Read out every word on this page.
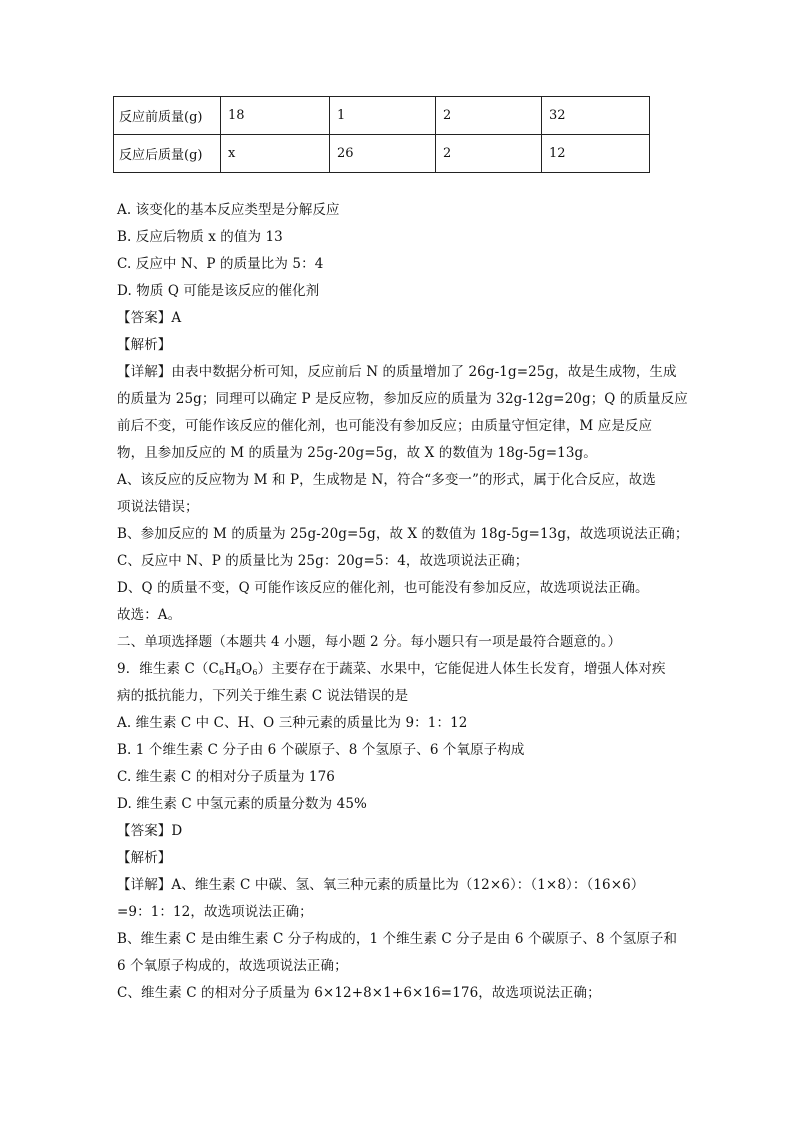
反应前质量(g)	18	1	2	32
反应后质量(g)	x	26	2	12
A. 该变化的基本反应类型是分解反应
B. 反应后物质 x 的值为 13
C. 反应中 N、P 的质量比为 5：4
D. 物质 Q 可能是该反应的催化剂
【答案】A
【解析】
【详解】由表中数据分析可知，反应前后 N 的质量增加了 26g-1g=25g，故是生成物，生成
的质量为 25g；同理可以确定 P 是反应物，参加反应的质量为 32g-12g=20g；Q 的质量反应
前后不变，可能作该反应的催化剂，也可能没有参加反应；由质量守恒定律，M 应是反应
物，且参加反应的 M 的质量为 25g-20g=5g，故 X 的数值为 18g-5g=13g。
A、该反应的反应物为 M 和 P，生成物是 N，符合“多变一”的形式，属于化合反应，故选
项说法错误；
B、参加反应的 M 的质量为 25g-20g=5g，故 X 的数值为 18g-5g=13g，故选项说法正确；
C、反应中 N、P 的质量比为 25g：20g=5：4，故选项说法正确；
D、Q 的质量不变，Q 可能作该反应的催化剂，也可能没有参加反应，故选项说法正确。
故选：A。
二、单项选择题（本题共 4 小题，每小题 2 分。每小题只有一项是最符合题意的。）
9．维生素 $C(C_6H_8O_6)$主要存在于蔬菜、水果中，它能促进人体生长发育，增强人体对疾
病的抵抗能力，下列关于维生素 C 说法错误的是
A. 维生素 C 中 C、H、O 三种元素的质量比为 9：1：12
B. 1 个维生素 C 分子由 6 个碳原子、8 个氢原子、6 个氧原子构成
C. 维生素 C 的相对分子质量为 176
D. 维生素 C 中氢元素的质量分数为 45%
【答案】D
【解析】
【详解】A、维生素 C 中碳、氢、氧三种元素的质量比为（12×6）：（1×8）：（16×6）
=9：1：12，故选项说法正确；
B、维生素 C 是由维生素 C 分子构成的，1 个维生素 C 分子是由 6 个碳原子、8 个氢原子和
6 个氧原子构成的，故选项说法正确；
C、维生素 C 的相对分子质量为 6×12+8×1+6×16=176，故选项说法正确；
